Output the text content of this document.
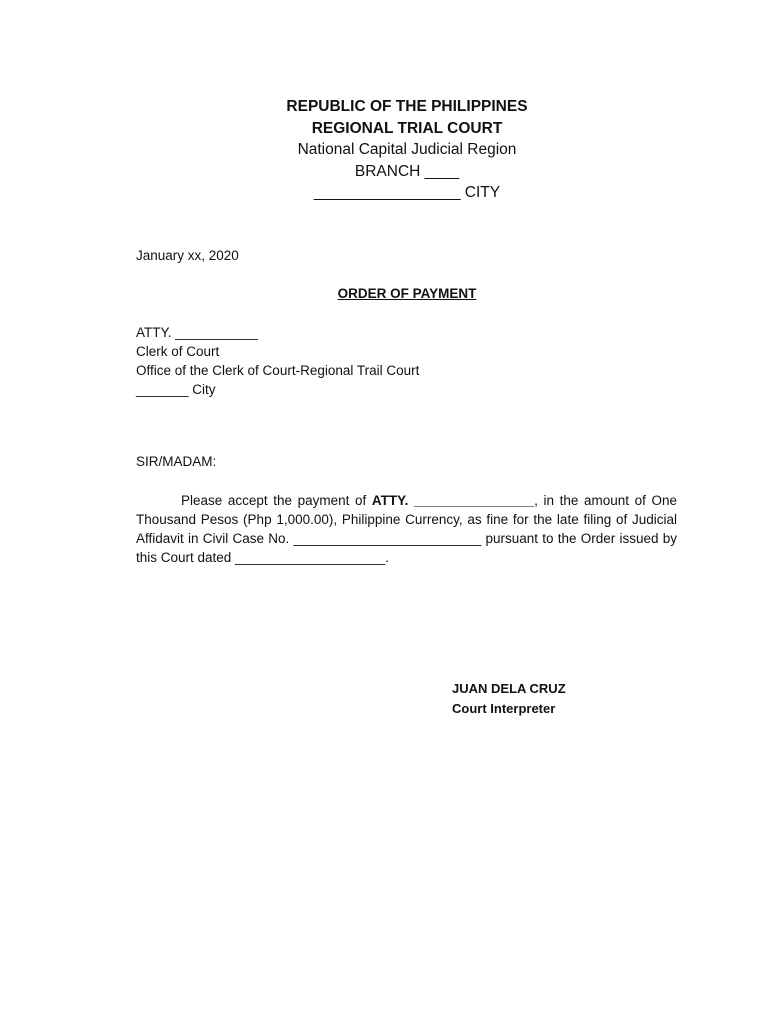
REPUBLIC OF THE PHILIPPINES
REGIONAL TRIAL COURT
National Capital Judicial Region
BRANCH ____
_________________ CITY
January xx, 2020
ORDER OF PAYMENT
ATTY. ___________
Clerk of Court
Office of the Clerk of Court-Regional Trail Court
_______ City
SIR/MADAM:
Please accept the payment of ATTY. ________________, in the amount of One Thousand Pesos (Php 1,000.00), Philippine Currency, as fine for the late filing of Judicial Affidavit in Civil Case No. _________________________ pursuant to the Order issued by this Court dated ____________________.
JUAN DELA CRUZ
Court Interpreter
